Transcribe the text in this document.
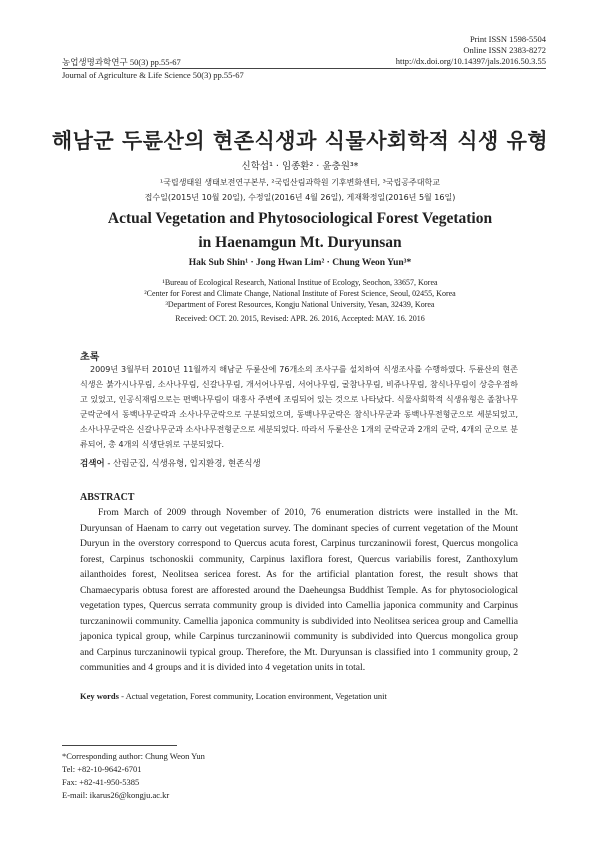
Print ISSN 1598-5504
Online ISSN 2383-8272
농업생명과학연구 50(3) pp.55-67	http://dx.doi.org/10.14397/jals.2016.50.3.55
Journal of Agriculture & Life Science 50(3) pp.55-67
해남군 두륜산의 현존식생과 식물사회학적 식생 유형
신학섭¹ · 임종환² · 윤충원³*
¹국립생태원 생태보전연구본부, ²국립산림과학원 기후변화센터, ³국립공주대학교
접수일(2015년 10월 20일), 수정일(2016년 4월 26일), 게재확정일(2016년 5월 16일)
Actual Vegetation and Phytosociological Forest Vegetation
in Haenamgun Mt. Duryunsan
Hak Sub Shin¹ · Jong Hwan Lim² · Chung Weon Yun³*
¹Bureau of Ecological Research, National Institue of Ecology, Seochon, 33657, Korea
²Center for Forest and Climate Change, National Institute of Forest Science, Seoul, 02455, Korea
³Department of Forest Resources, Kongju National University, Yesan, 32439, Korea
Received: OCT. 20. 2015, Revised: APR. 26. 2016, Accepted: MAY. 16. 2016
초록
2009년 3월부터 2010년 11월까지 해남군 두륜산에 76개소의 조사구를 설치하여 식생조사를 수행하였다. 두륜산의 현존식생은 붉가시나무림, 소사나무림, 신갈나무림, 개서어나무림, 서어나무림, 굴참나무림, 비쥬나무림, 참식나무림이 상층우점하고 있었고, 인공식재림으로는 편백나무림이 대흥사 주변에 조림되어 있는 것으로 나타났다. 식물사회학적 식생유형은 졸참나무군락군에서 동백나무군락과 소사나무군락으로 구분되었으며, 동백나무군락은 참식나무군과 동백나무전형군으로 세분되었고, 소사나무군락은 신갈나무군과 소사나무전형군으로 세분되었다. 따라서 두륜산은 1개의 군락군과 2개의 군락, 4개의 군으로 분류되어, 총 4개의 식생단위로 구분되었다.
검색어 - 산림군집, 식생유형, 입지환경, 현존식생
ABSTRACT
From March of 2009 through November of 2010, 76 enumeration districts were installed in the Mt. Duryunsan of Haenam to carry out vegetation survey. The dominant species of current vegetation of the Mount Duryun in the overstory correspond to Quercus acuta forest, Carpinus turczaninowii forest, Quercus mongolica forest, Carpinus tschonoskii community, Carpinus laxiflora forest, Quercus variabilis forest, Zanthoxylum ailanthoides forest, Neolitsea sericea forest. As for the artificial plantation forest, the result shows that Chamaecyparis obtusa forest are afforested around the Daeheungsa Buddhist Temple. As for phytosociological vegetation types, Quercus serrata community group is divided into Camellia japonica community and Carpinus turczaninowii community. Camellia japonica community is subdivided into Neolitsea sericea group and Camellia japonica typical group, while Carpinus turczaninowii community is subdivided into Quercus mongolica group and Carpinus turczaninowii typical group. Therefore, the Mt. Duryunsan is classified into 1 community group, 2 communities and 4 groups and it is divided into 4 vegetation units in total.
Key words - Actual vegetation, Forest community, Location environment, Vegetation unit
*Corresponding author: Chung Weon Yun
Tel: +82-10-9642-6701
Fax: +82-41-950-5385
E-mail: ikarus26@kongju.ac.kr
